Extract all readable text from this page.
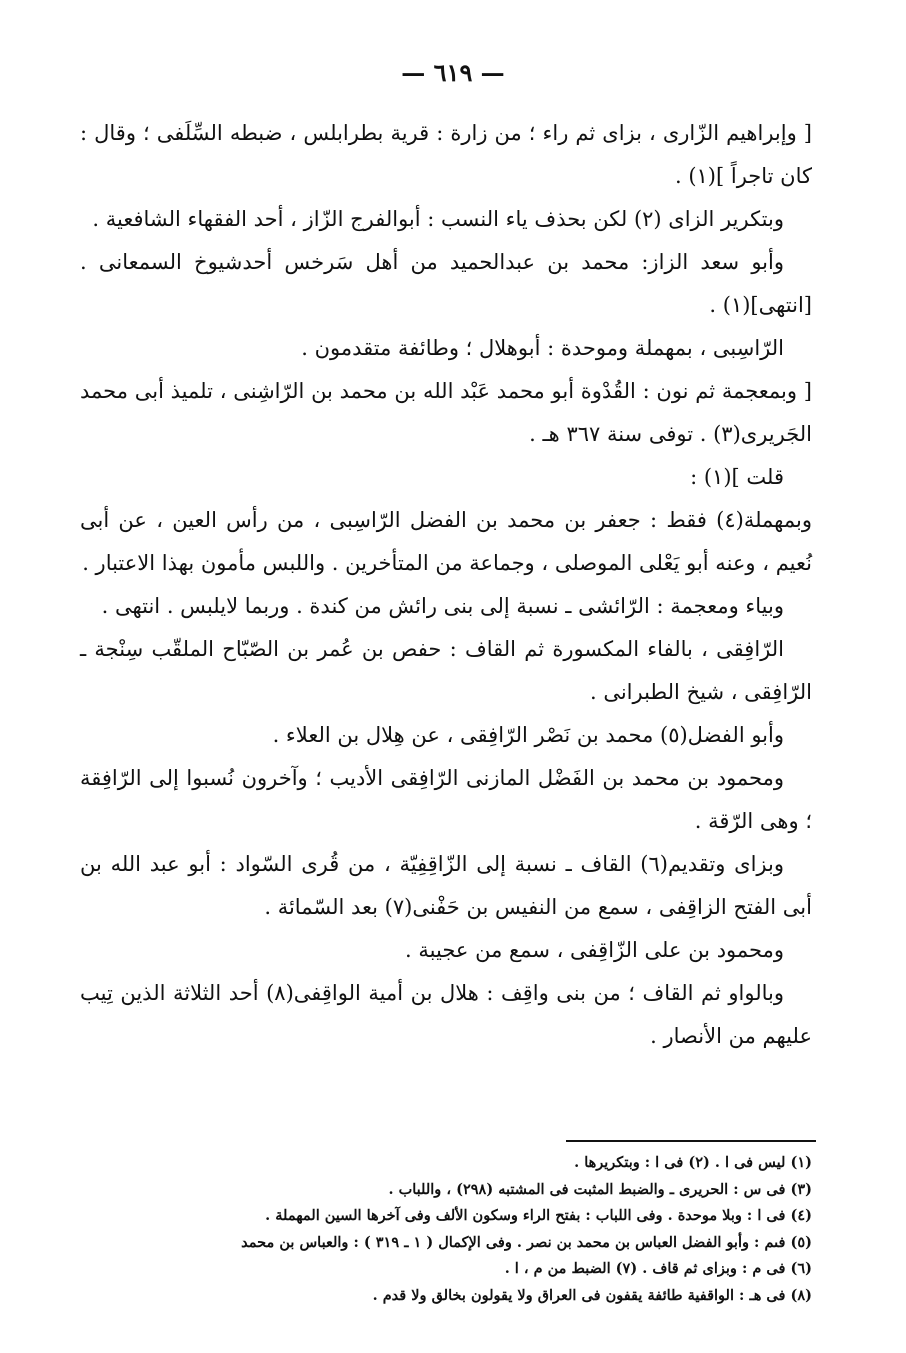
— ٦١٩ —

[ وإبراهيم الزّارى ، بزاى ثم راء ؛ من زارة : قرية بطرابلس ، ضبطه السِّلَفى ؛ وقال : كان تاجراً ](١) .

وبتكرير الزاى (٢) لكن بحذف ياء النسب : أبوالفرج الزّاز ، أحد الفقهاء الشافعية .

وأبو سعد الزاز: محمد بن عبدالحميد من أهل سَرخس أحدشيوخ السمعانى . [انتهى](١) .

الرّاسِبى ، بمهملة وموحدة : أبوهلال ؛ وطائفة متقدمون .

[ وبمعجمة ثم نون : القُدْوة أبو محمد عَبْد الله بن محمد بن الرّاشِنى ، تلميذ أبى محمد الجَريرى(٣) . توفى سنة ٣٦٧ هـ .

قلت ](١) :

وبمهملة(٤) فقط : جعفر بن محمد بن الفضل الرّاسِبى ، من رأس العين ، عن أبى نُعيم ، وعنه أبو يَعْلى الموصلى ، وجماعة من المتأخرين . واللبس مأمون بهذا الاعتبار .

وبياء ومعجمة : الرّائشى ـ نسبة إلى بنى رائش من كندة . وربما لايلبس . انتهى .

الرّافِقى ، بالفاء المكسورة ثم القاف : حفص بن عُمر بن الصّبّاح الملقّب سِنْجة ـ الرّافِقى ، شيخ الطبرانى .

وأبو الفضل(٥) محمد بن نَصْر الرّافِقى ، عن هِلال بن العلاء .

ومحمود بن محمد بن الفَضْل المازنى الرّافِقى الأديب ؛ وآخرون نُسبوا إلى الرّافِقة ؛ وهى الرّقة .

وبزاى وتقديم(٦) القاف ـ نسبة إلى الزّاقِفِيّة ، من قُرى السّواد : أبو عبد الله بن أبى الفتح الزاقِفى ، سمع من النفيس بن حَفْنى(٧) بعد السّمائة .

ومحمود بن على الزّاقِفى ، سمع من عجيبة .

وبالواو ثم القاف ؛ من بنى واقِف : هلال بن أمية الواقِفى(٨) أحد الثلاثة الذين تِيب عليهم من الأنصار .

(١) ليس فى ا . (٢) فى ا : وبتكريرها .
(٣) فى س : الحريرى ـ والضبط المثبت فى المشتبه (٢٩٨) ، واللباب .
(٤) فى ا : وبلا موحدة . وفى اللباب : بفتح الراء وسكون الألف وفى آخرها السين المهملة .
(٥) فىم : وأبو الفضل العباس بن محمد بن نصر . وفى الإكمال ( ١ ـ ٣١٩ ) : والعباس بن محمد
(٦) فى م : وبزاى ثم قاف . (٧) الضبط من م ، ا .
(٨) فى هـ : الواقفية طائفة يقفون فى العراق ولا يقولون بخالق ولا قدم .
